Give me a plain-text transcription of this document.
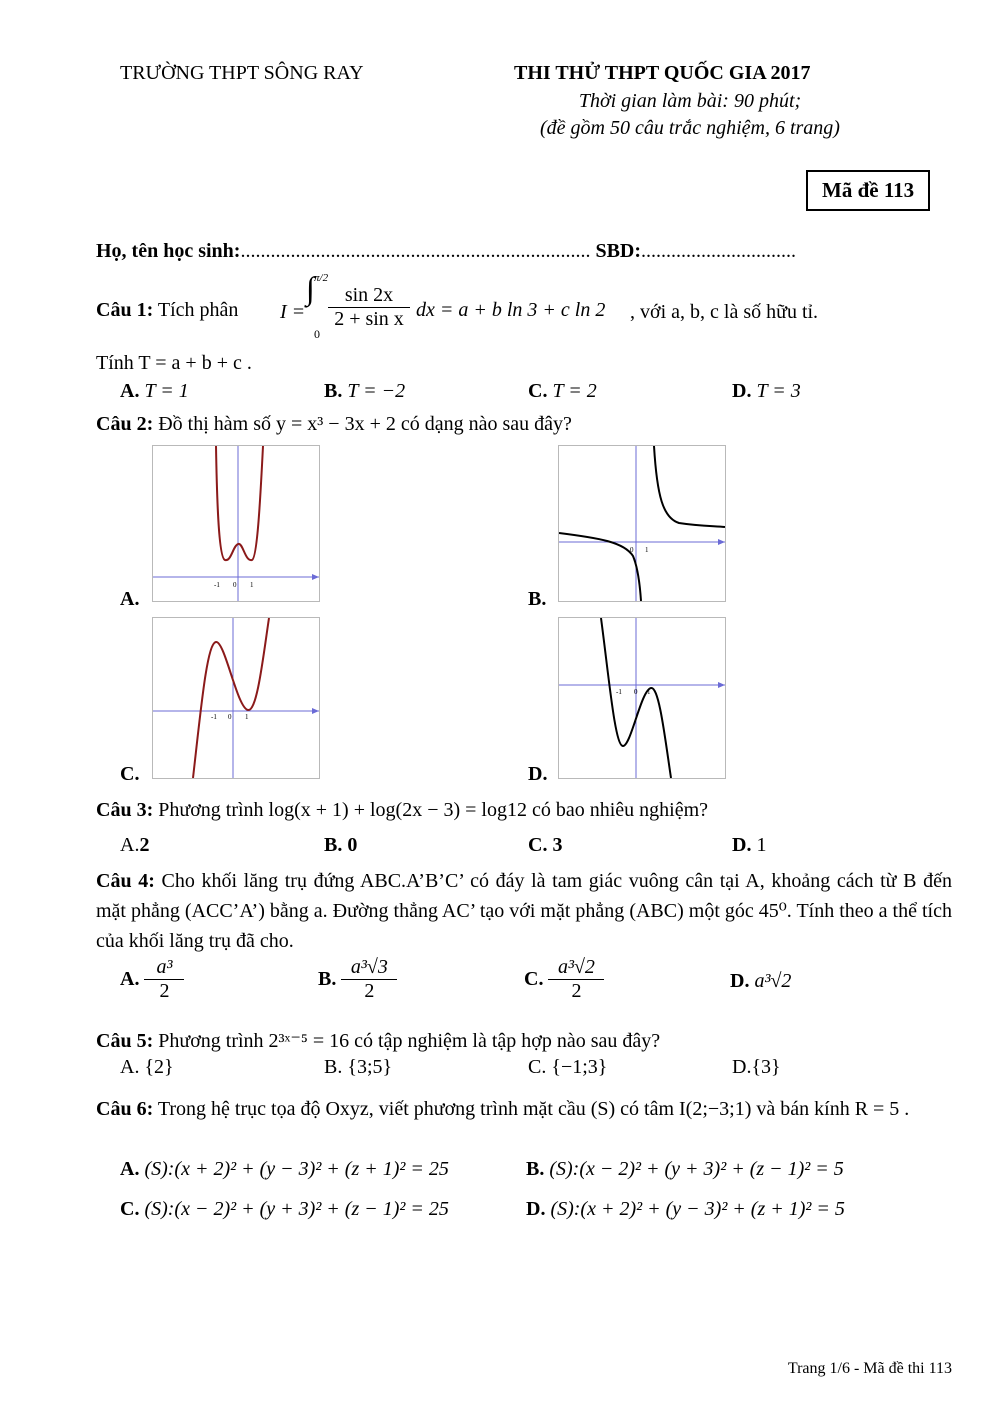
TRƯỜNG THPT SÔNG RAY	THI THỬ THPT QUỐC GIA 2017
Thời gian làm bài: 90 phút;
(đề gồm 50 câu trắc nghiệm, 6 trang)
Mã đề 113
Họ, tên học sinh:...................................................................... SBD:...............................
Câu 1: Tích phân I =
∫ π/2
0
$\frac{\sin 2x}{\text{2 + sin x}}$ dx = a + b ln 3 + c ln 2 , với a, b, c là số hữu tỉ.
Tính T = a + b + c .
A. T = 1	B. T = −2	C. T = 2	D. T = 3
Câu 2: Đồ thị hàm số y = x³ − 3x + 2 có dạng nào sau đây?
-1 0 1
A.
0 1
B.
-1 0 1
C.
-1 0 1
D.
Câu 3: Phương trình log(x + 1) + log(2x − 3) = log12 có bao nhiêu nghiệm?
A.2	B. 0	C. 3	D. 1
Câu 4: Cho khối lăng trụ đứng ABC.A’B’C’ có đáy là tam giác vuông cân tại A, khoảng cách từ B đến mặt phẳng (ACC’A’) bằng a. Đường thẳng AC’ tạo với mặt phẳng (ABC) một góc 45⁰. Tính theo a thể tích của khối lăng trụ đã cho.
A. $\frac{\text{a³}}{2}$	B. $\frac{\text{a³√3}}{2}$	C. $\frac{\text{a³√2}}{2}$	D. a³√2
Câu 5: Phương trình 2³ˣ⁻⁵ = 16 có tập nghiệm là tập hợp nào sau đây?
A. {2}	B. {3;5}	C. {−1;3}	D.{3}
Câu 6: Trong hệ trục tọa độ Oxyz, viết phương trình mặt cầu (S) có tâm I(2;−3;1) và bán kính R = 5 .
A. (S):(x + 2)² + (y − 3)² + (z + 1)² = 25	B. (S):(x − 2)² + (y + 3)² + (z − 1)² = 5
C. (S):(x − 2)² + (y + 3)² + (z − 1)² = 25	D. (S):(x + 2)² + (y − 3)² + (z + 1)² = 5
Trang 1/6 - Mã đề thi 113
